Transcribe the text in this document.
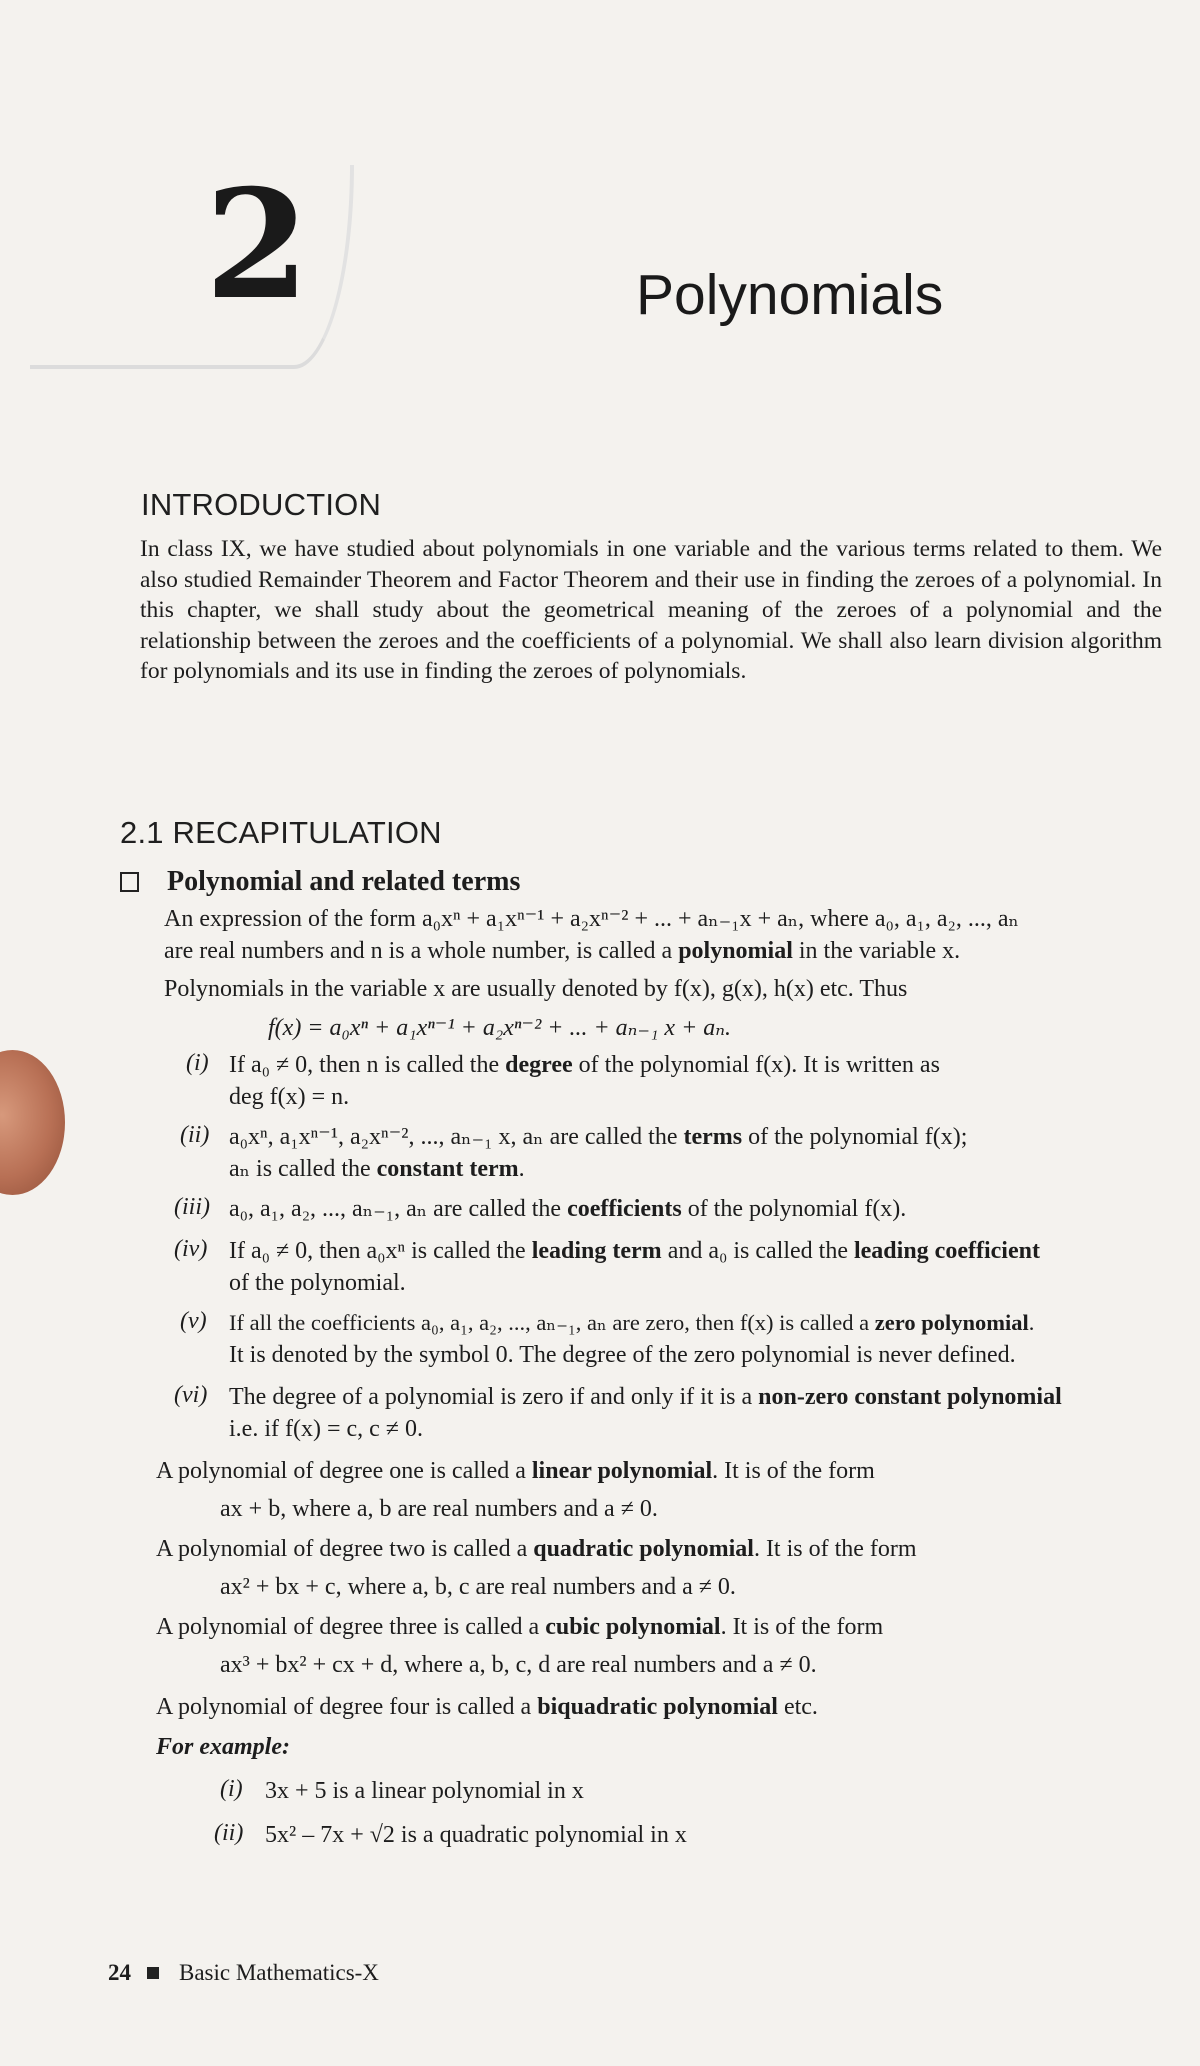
2	Polynomials
INTRODUCTION
In class IX, we have studied about polynomials in one variable and the various terms related to them. We also studied Remainder Theorem and Factor Theorem and their use in finding the zeroes of a polynomial. In this chapter, we shall study about the geometrical meaning of the zeroes of a polynomial and the relationship between the zeroes and the coefficients of a polynomial. We shall also learn division algorithm for polynomials and its use in finding the zeroes of polynomials.
2.1 RECAPITULATION
Polynomial and related terms
An expression of the form a₀xⁿ + a₁xⁿ⁻¹ + a₂xⁿ⁻² + ... + aₙ₋₁x + aₙ, where a₀, a₁, a₂, ..., aₙ
are real numbers and n is a whole number, is called a polynomial in the variable x.
Polynomials in the variable x are usually denoted by f(x), g(x), h(x) etc. Thus
f(x) = a₀xⁿ + a₁xⁿ⁻¹ + a₂xⁿ⁻² + ... + aₙ₋₁ x + aₙ.
(i) If a₀ ≠ 0, then n is called the degree of the polynomial f(x). It is written as
deg f(x) = n.
(ii) a₀xⁿ, a₁xⁿ⁻¹, a₂xⁿ⁻², ..., aₙ₋₁ x, aₙ are called the terms of the polynomial f(x);
aₙ is called the constant term.
(iii) a₀, a₁, a₂, ..., aₙ₋₁, aₙ are called the coefficients of the polynomial f(x).
(iv) If a₀ ≠ 0, then a₀xⁿ is called the leading term and a₀ is called the leading coefficient
of the polynomial.
(v) If all the coefficients a₀, a₁, a₂, ..., aₙ₋₁, aₙ are zero, then f(x) is called a zero polynomial.
It is denoted by the symbol 0. The degree of the zero polynomial is never defined.
(vi) The degree of a polynomial is zero if and only if it is a non-zero constant polynomial
i.e. if f(x) = c, c ≠ 0.
A polynomial of degree one is called a linear polynomial. It is of the form
ax + b, where a, b are real numbers and a ≠ 0.
A polynomial of degree two is called a quadratic polynomial. It is of the form
ax² + bx + c, where a, b, c are real numbers and a ≠ 0.
A polynomial of degree three is called a cubic polynomial. It is of the form
ax³ + bx² + cx + d, where a, b, c, d are real numbers and a ≠ 0.
A polynomial of degree four is called a biquadratic polynomial etc.
For example:
(i) 3x + 5 is a linear polynomial in x
(ii) 5x² – 7x + √2 is a quadratic polynomial in x
24 Basic Mathematics-X
